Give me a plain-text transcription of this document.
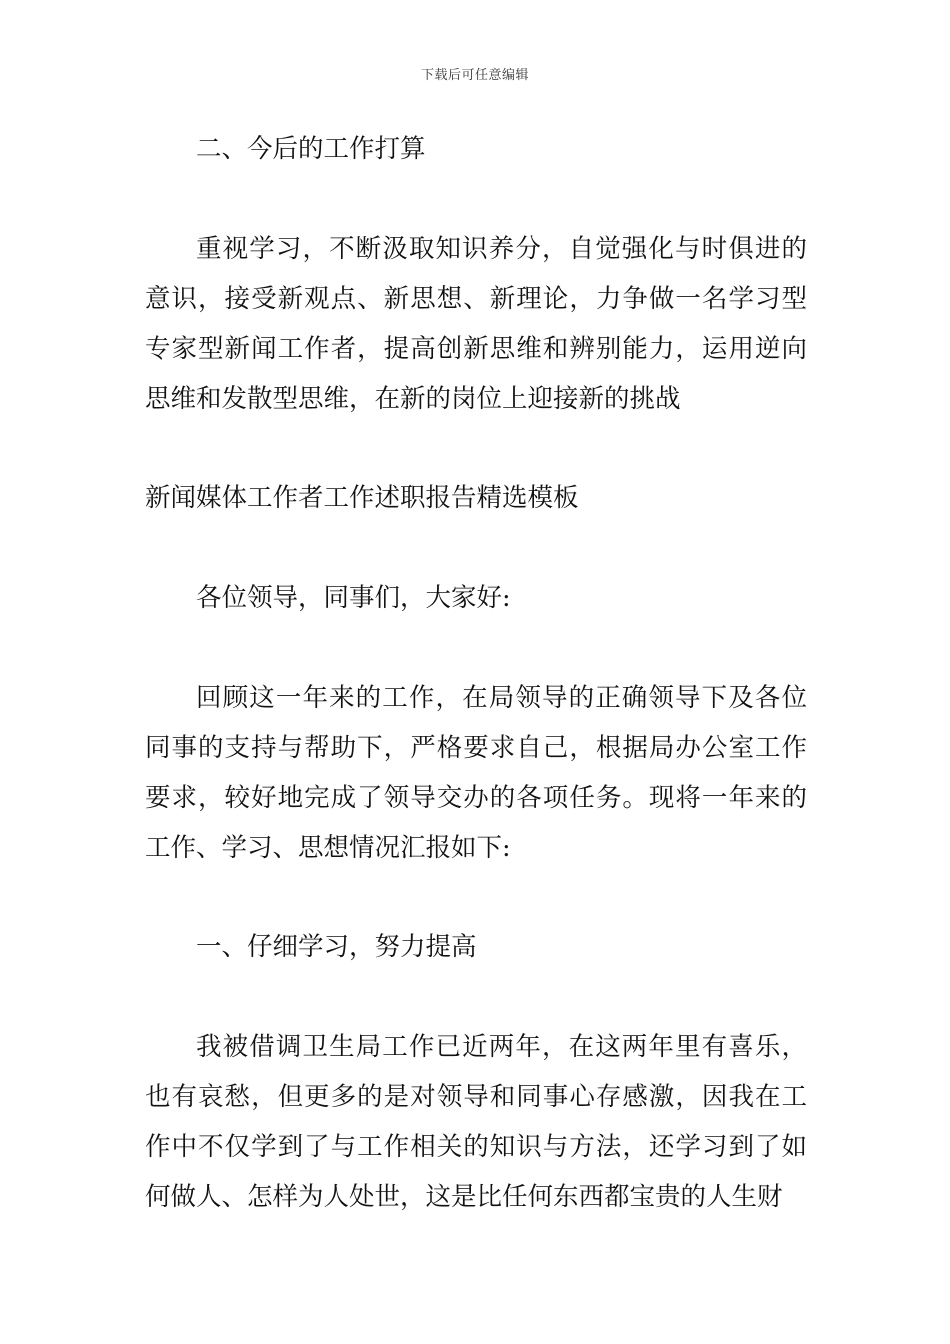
下载后可任意编辑

二、今后的工作打算

重视学习，不断汲取知识养分，自觉强化与时俱进的意识，接受新观点、新思想、新理论，力争做一名学习型专家型新闻工作者，提高创新思维和辨别能力，运用逆向思维和发散型思维，在新的岗位上迎接新的挑战

新闻媒体工作者工作述职报告精选模板

各位领导，同事们，大家好:

回顾这一年来的工作，在局领导的正确领导下及各位同事的支持与帮助下，严格要求自己，根据局办公室工作要求，较好地完成了领导交办的各项任务。现将一年来的工作、学习、思想情况汇报如下:

一、仔细学习，努力提高

我被借调卫生局工作已近两年，在这两年里有喜乐，也有哀愁，但更多的是对领导和同事心存感激，因我在工作中不仅学到了与工作相关的知识与方法，还学习到了如何做人、怎样为人处世，这是比任何东西都宝贵的人生财
